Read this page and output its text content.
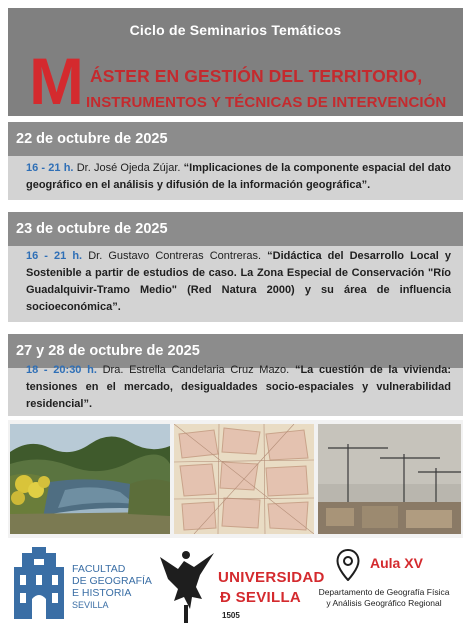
Ciclo de Seminarios Temáticos
M ÁSTER EN GESTIÓN DEL TERRITORIO,
INSTRUMENTOS Y TÉCNICAS DE INTERVENCIÓN
22 de octubre de 2025
16 - 21 h. Dr. José Ojeda Zújar. “Implicaciones de la componente espacial del dato geográfico en el análisis y difusión de la información geográfica”.
23 de octubre de 2025
16 - 21 h. Dr. Gustavo Contreras Contreras. “Didáctica del Desarrollo Local y Sostenible a partir de estudios de caso. La Zona Especial de Conservación "Río Guadalquivir-Tramo Medio" (Red Natura 2000) y su área de influencia socioeconómica”.
27 y 28 de octubre de 2025
18 - 20:30 h. Dra. Estrella Candelaria Cruz Mazo. “La cuestión de la vivienda: tensiones en el mercado, desigualdades socio-espaciales y vulnerabilidad residencial”.
FACULTAD
DE GEOGRAFÍA
E HISTORIA
SEVILLA
UNIVERSIDAD
Ð SEVILLA
1505
Aula XV
Departamento de Geografía Física
y Análisis Geográfico Regional
